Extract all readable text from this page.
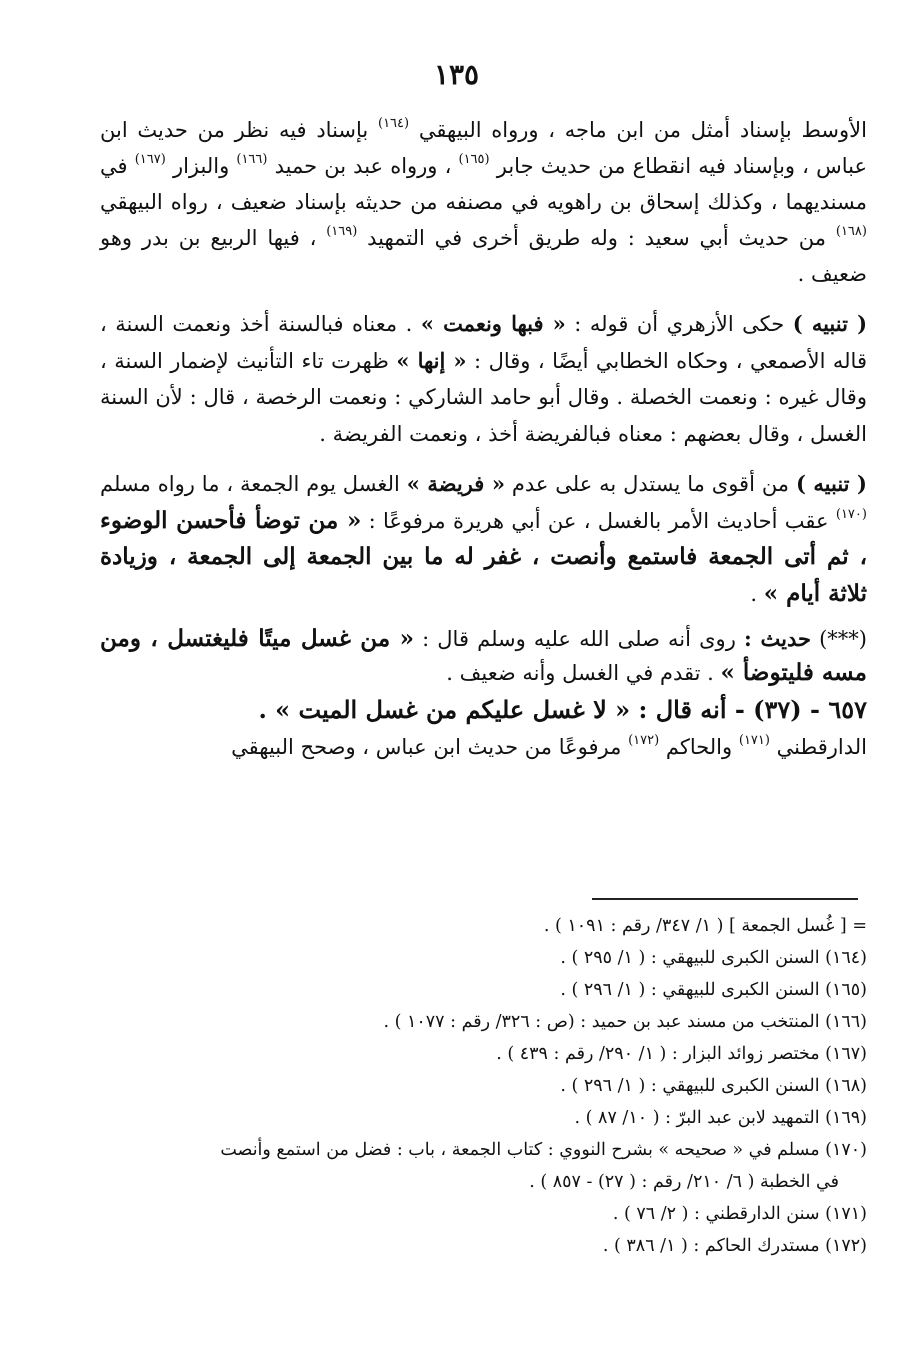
١٣٥

الأوسط بإسناد أمثل من ابن ماجه ، ورواه البيهقي $^{(١٦٤)}$ بإسناد فيه نظر من حديث ابن عباس ، وبإسناد فيه انقطاع من حديث جابر $^{(١٦٥)}$ ، ورواه عبد بن حميد $^{(١٦٦)}$ والبزار $^{(١٦٧)}$ في مسنديهما ، وكذلك إسحاق بن راهويه في مصنفه من حديثه بإسناد ضعيف ، رواه البيهقي $^{(١٦٨)}$ من حديث أبي سعيد : وله طريق أخرى في التمهيد $^{(١٦٩)}$ ، فيها الربيع بن بدر وهو ضعيف .

( تنبيه ) حكى الأزهري أن قوله : « فبها ونعمت » . معناه فبالسنة أخذ ونعمت السنة ، قاله الأصمعي ، وحكاه الخطابي أيضًا ، وقال : « إنها » ظهرت تاء التأنيث لإضمار السنة ، وقال غيره : ونعمت الخصلة . وقال أبو حامد الشاركي : ونعمت الرخصة ، قال : لأن السنة الغسل ، وقال بعضهم : معناه فبالفريضة أخذ ، ونعمت الفريضة .

( تنبيه ) من أقوى ما يستدل به على عدم « فريضة » الغسل يوم الجمعة ، ما رواه مسلم $^{(١٧٠)}$ عقب أحاديث الأمر بالغسل ، عن أبي هريرة مرفوعًا : « من توضأ فأحسن الوضوء ، ثم أتى الجمعة فاستمع وأنصت ، غفر له ما بين الجمعة إلى الجمعة ، وزيادة ثلاثة أيام » .

(***) حديث : روى أنه صلى الله عليه وسلم قال : « من غسل ميتًا فليغتسل ، ومن مسه فليتوضأ » . تقدم في الغسل وأنه ضعيف .

٦٥٧ - (٣٧) - أنه قال : « لا غسل عليكم من غسل الميت » .
الدارقطني $^{(١٧١)}$ والحاكم $^{(١٧٢)}$ مرفوعًا من حديث ابن عباس ، وصحح البيهقي

= [ غُسل الجمعة ] ( ١/ ٣٤٧/ رقم : ١٠٩١ ) .

(١٦٤) السنن الكبرى للبيهقي : ( ١/ ٢٩٥ ) .

(١٦٥) السنن الكبرى للبيهقي : ( ١/ ٢٩٦ ) .

(١٦٦) المنتخب من مسند عبد بن حميد : (ص : ٣٢٦/ رقم : ١٠٧٧ ) .

(١٦٧) مختصر زوائد البزار : ( ١/ ٢٩٠/ رقم : ٤٣٩ ) .

(١٦٨) السنن الكبرى للبيهقي : ( ١/ ٢٩٦ ) .

(١٦٩) التمهيد لابن عبد البرّ : ( ١٠/ ٨٧ ) .

(١٧٠) مسلم في « صحيحه » بشرح النووي : كتاب الجمعة ، باب : فضل من استمع وأنصت

في الخطبة ( ٦/ ٢١٠/ رقم : ( ٢٧) - ٨٥٧ ) .

(١٧١) سنن الدارقطني : ( ٢/ ٧٦ ) .

(١٧٢) مستدرك الحاكم : ( ١/ ٣٨٦ ) .
